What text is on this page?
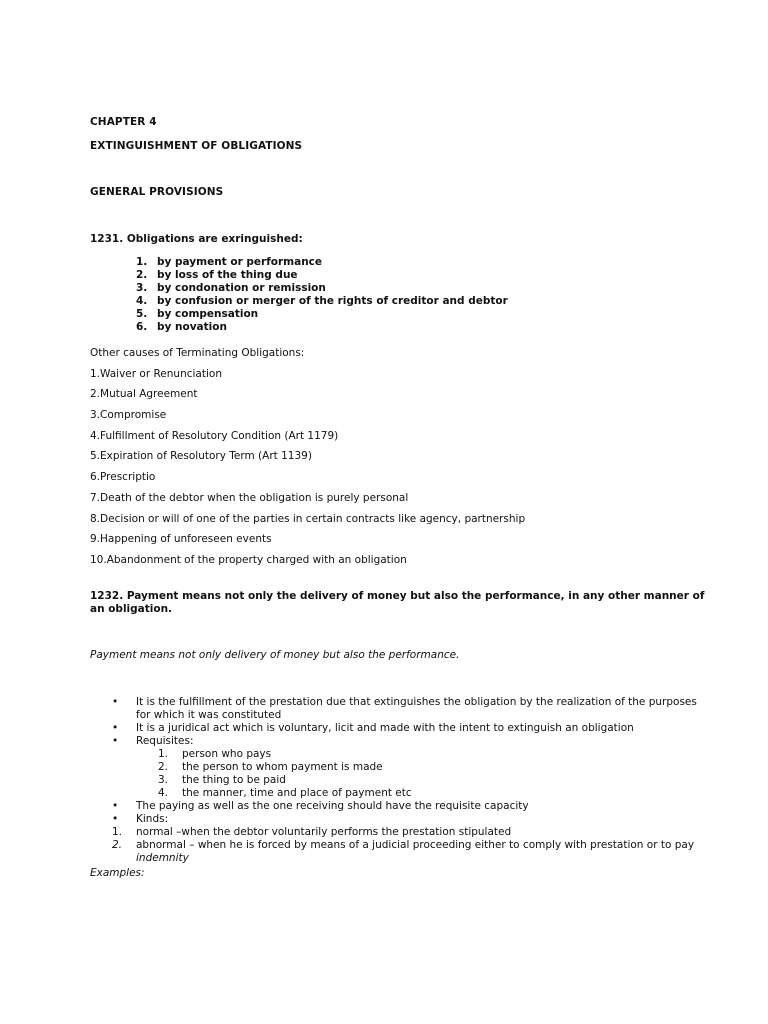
CHAPTER 4
EXTINGUISHMENT OF OBLIGATIONS
GENERAL PROVISIONS
1231. Obligations are exringuished:
1. by payment or performance
2. by loss of the thing due
3. by condonation or remission
4. by confusion or merger of the rights of creditor and debtor
5. by compensation
6. by novation
Other causes of Terminating Obligations:
1.Waiver or Renunciation
2.Mutual Agreement
3.Compromise
4.Fulfillment of Resolutory Condition (Art 1179)
5.Expiration of Resolutory Term (Art 1139)
6.Prescriptio
7.Death of the debtor when the obligation is purely personal
8.Decision or will of one of the parties in certain contracts like agency, partnership
9.Happening of unforeseen events
10.Abandonment of the property charged with an obligation
1232. Payment means not only the delivery of money but also the performance, in any other manner of
an obligation.
Payment means not only delivery of money but also the performance.
•	It is the fulfillment of the prestation due that extinguishes the obligation by the realization of the purposes
for which it was constituted
•	It is a juridical act which is voluntary, licit and made with the intent to extinguish an obligation
•	Requisites:
1. person who pays
2. the person to whom payment is made
3. the thing to be paid
4. the manner, time and place of payment etc
•	The paying as well as the one receiving should have the requisite capacity
•	Kinds:
1.	normal –when the debtor voluntarily performs the prestation stipulated
2.	abnormal – when he is forced by means of a judicial proceeding either to comply with prestation or to pay
indemnity
Examples:
